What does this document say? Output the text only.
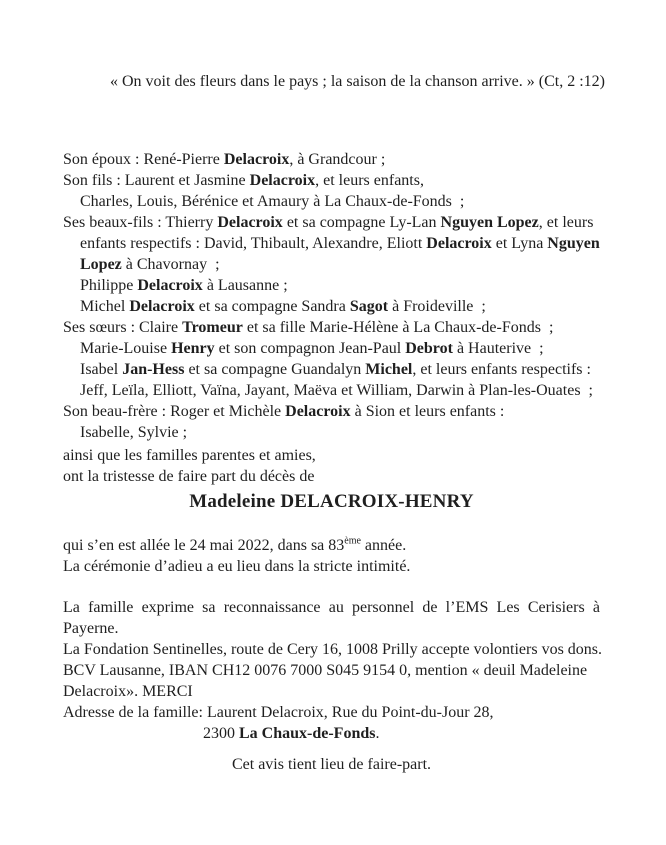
« On voit des fleurs dans le pays ; la saison de la chanson arrive. » (Ct, 2 :12)
Son époux : René-Pierre Delacroix, à Grandcour ;
Son fils : Laurent et Jasmine Delacroix, et leurs enfants,
Charles, Louis, Bérénice et Amaury à La Chaux-de-Fonds  ;
Ses beaux-fils : Thierry Delacroix et sa compagne Ly-Lan Nguyen Lopez, et leurs
enfants respectifs : David, Thibault, Alexandre, Eliott Delacroix et Lyna Nguyen
Lopez à Chavornay  ;
Philippe Delacroix à Lausanne ;
Michel Delacroix et sa compagne Sandra Sagot à Froideville  ;
Ses sœurs : Claire Tromeur et sa fille Marie-Hélène à La Chaux-de-Fonds  ;
Marie-Louise Henry et son compagnon Jean-Paul Debrot à Hauterive  ;
Isabel Jan-Hess et sa compagne Guandalyn Michel, et leurs enfants respectifs :
Jeff, Leïla, Elliott, Vaïna, Jayant, Maëva et William, Darwin à Plan-les-Ouates  ;
Son beau-frère : Roger et Michèle Delacroix à Sion et leurs enfants :
Isabelle, Sylvie ;
ainsi que les familles parentes et amies,
ont la tristesse de faire part du décès de
Madeleine DELACROIX-HENRY
qui s’en est allée le 24 mai 2022, dans sa 83ème année.
La cérémonie d’adieu a eu lieu dans la stricte intimité.
La famille exprime sa reconnaissance au personnel de l’EMS Les Cerisiers à
Payerne.
La Fondation Sentinelles, route de Cery 16, 1008 Prilly accepte volontiers vos dons.
BCV Lausanne, IBAN CH12 0076 7000 S045 9154 0, mention « deuil Madeleine
Delacroix». MERCI
Adresse de la famille: Laurent Delacroix, Rue du Point-du-Jour 28,
2300 La Chaux-de-Fonds.
Cet avis tient lieu de faire-part.
